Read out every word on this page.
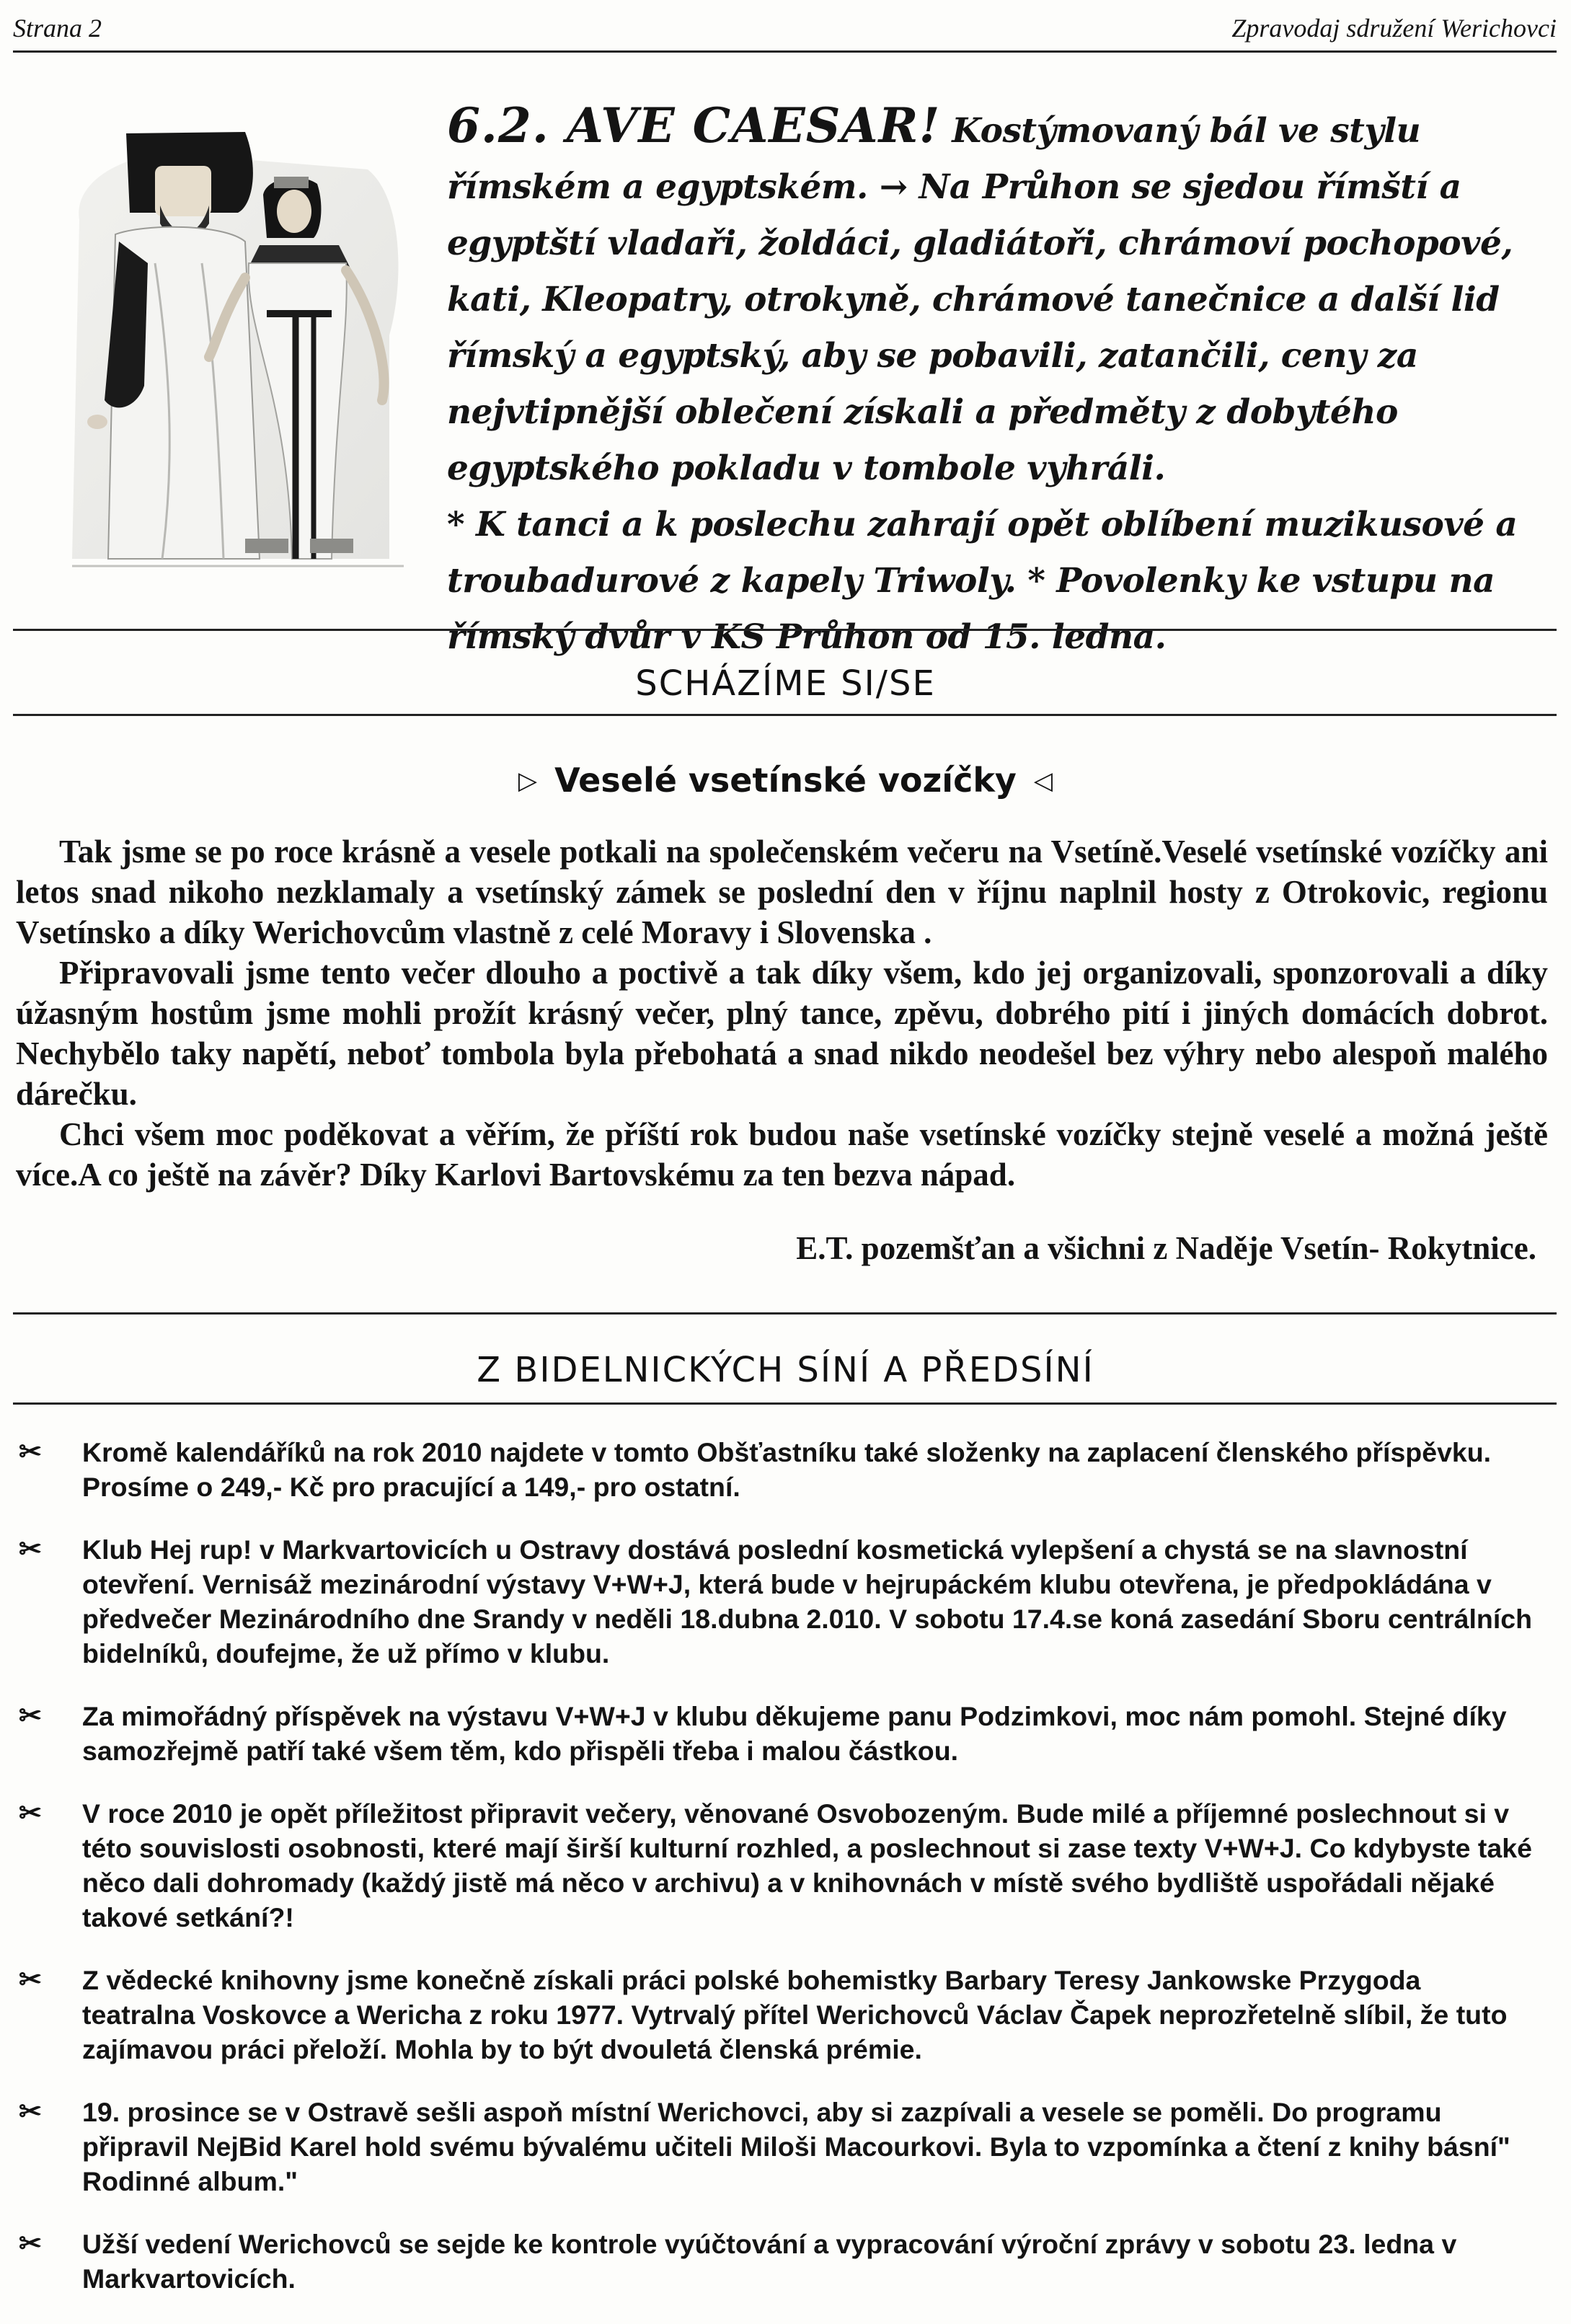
Strana 2	Zpravodaj sdružení Werichovci

6.2. AVE CAESAR! Kostýmovaný bál ve stylu římském a egyptském. → Na Průhon se sjedou římští a egyptští vladaři, žoldáci, gladiátoři, chrámoví pochopové, kati, Kleopatry, otrokyně, chrámové tanečnice a další lid římský a egyptský, aby se pobavili, zatančili, ceny za nejvtipnější oblečení získali a předměty z dobytého egyptského pokladu v tombole vyhráli.

* K tanci a k poslechu zahrají opět oblíbení muzikusové a troubadurové z kapely Triwoly. * Povolenky ke vstupu na římský dvůr v KS Průhon od 15. ledna.

SCHÁZÍME SI/SE
▷ Veselé vsetínské vozíčky ◁

Tak jsme se po roce krásně a vesele potkali na společenském večeru na Vsetíně.Veselé vsetínské vozíčky ani letos snad nikoho nezklamaly a vsetínský zámek se poslední den v říjnu naplnil hosty z Otrokovic, regionu Vsetínsko a díky Werichovcům vlastně z celé Moravy i Slovenska .

Připravovali jsme tento večer dlouho a poctivě a tak díky všem, kdo jej organizovali, sponzorovali a díky úžasným hostům jsme mohli prožít krásný večer, plný tance, zpěvu, dobrého pití i jiných domácích dobrot. Nechybělo taky napětí, neboť tombola byla přebohatá a snad nikdo neodešel bez výhry nebo alespoň malého dárečku.

Chci všem moc poděkovat a věřím, že příští rok budou naše vsetínské vozíčky stejně veselé a možná ještě více.A co ještě na závěr? Díky Karlovi Bartovskému za ten bezva nápad.

E.T. pozemšťan a všichni z Naděje Vsetín- Rokytnice.
Z BIDELNICKÝCH SÍNÍ A PŘEDSÍNÍ
✂	Kromě kalendáříků na rok 2010 najdete v tomto Obšťastníku také složenky na zaplacení členského příspěvku. Prosíme o 249,- Kč pro pracující a 149,- pro ostatní.
✂	Klub Hej rup! v Markvartovicích u Ostravy dostává poslední kosmetická vylepšení a chystá se na slavnostní otevření. Vernisáž mezinárodní výstavy V+W+J, která bude v hejrupáckém klubu otevřena, je předpokládána v předvečer Mezinárodního dne Srandy v neděli 18.dubna 2.010. V sobotu 17.4.se koná zasedání Sboru centrálních bidelníků, doufejme, že už přímo v klubu.
✂	Za mimořádný příspěvek na výstavu V+W+J v klubu děkujeme panu Podzimkovi, moc nám pomohl. Stejné díky samozřejmě patří také všem těm, kdo přispěli třeba i malou částkou.
✂	V roce 2010 je opět příležitost připravit večery, věnované Osvobozeným. Bude milé a příjemné poslechnout si v této souvislosti osobnosti, které mají širší kulturní rozhled, a poslechnout si zase texty V+W+J. Co kdybyste také něco dali dohromady (každý jistě má něco v archivu) a v knihovnách v místě svého bydliště uspořádali nějaké takové setkání?!
✂	Z vědecké knihovny jsme konečně získali práci polské bohemistky Barbary Teresy Jankowske Przygoda teatralna Voskovce a Wericha z roku 1977. Vytrvalý přítel Werichovců Václav Čapek neprozřetelně slíbil, že tuto zajímavou práci přeloží. Mohla by to být dvouletá členská prémie.
✂	19. prosince se v Ostravě sešli aspoň místní Werichovci, aby si zazpívali a vesele se poměli. Do programu připravil NejBid Karel hold svému bývalému učiteli Miloši Macourkovi. Byla to vzpomínka a čtení z knihy básní" Rodinné album."
✂	Užší vedení Werichovců se sejde ke kontrole vyúčtování a vypracování výroční zprávy v sobotu 23. ledna v Markvartovicích.
